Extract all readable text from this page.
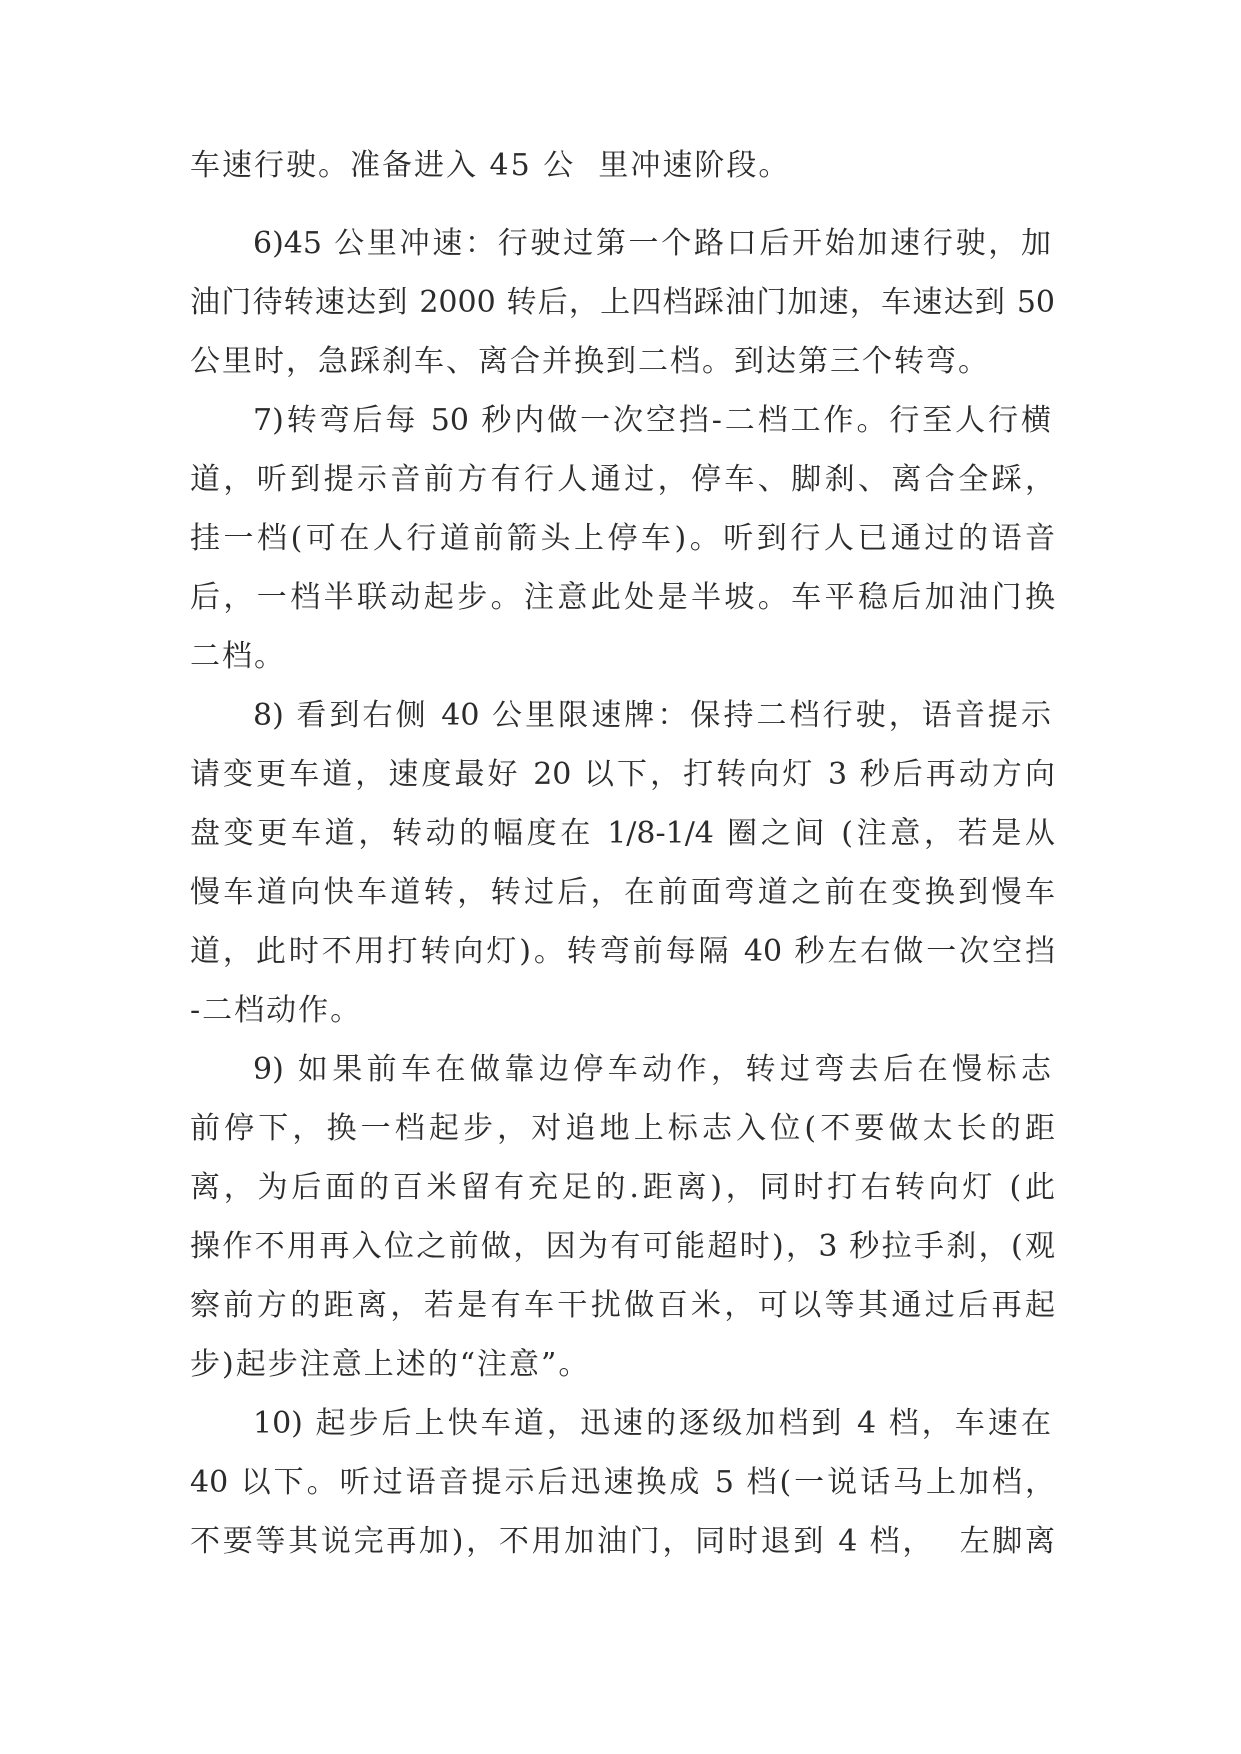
车速行驶。准备进入 45 公  里冲速阶段。
6)45 公里冲速：行驶过第一个路口后开始加速行驶，加
油门待转速达到 2000 转后，上四档踩油门加速，车速达到 50
公里时，急踩刹车、离合并换到二档。到达第三个转弯。
7)转弯后每 50 秒内做一次空挡-二档工作。行至人行横
道，听到提示音前方有行人通过，停车、脚刹、离合全踩，
挂一档(可在人行道前箭头上停车)。听到行人已通过的语音
后，一档半联动起步。注意此处是半坡。车平稳后加油门换
二档。
8) 看到右侧 40 公里限速牌：保持二档行驶，语音提示
请变更车道，速度最好 20 以下，打转向灯 3 秒后再动方向
盘变更车道，转动的幅度在 1/8-1/4 圈之间 (注意，若是从
慢车道向快车道转，转过后，在前面弯道之前在变换到慢车
道，此时不用打转向灯)。转弯前每隔 40 秒左右做一次空挡
-二档动作。
9) 如果前车在做靠边停车动作，转过弯去后在慢标志
前停下，换一档起步，对追地上标志入位(不要做太长的距
离，为后面的百米留有充足的.距离)，同时打右转向灯 (此
操作不用再入位之前做，因为有可能超时)，3 秒拉手刹，(观
察前方的距离，若是有车干扰做百米，可以等其通过后再起
步)起步注意上述的“注意”。
10) 起步后上快车道，迅速的逐级加档到 4 档，车速在
40 以下。听过语音提示后迅速换成 5 档(一说话马上加档，
不要等其说完再加)，不用加油门，同时退到 4 档，  左脚离
